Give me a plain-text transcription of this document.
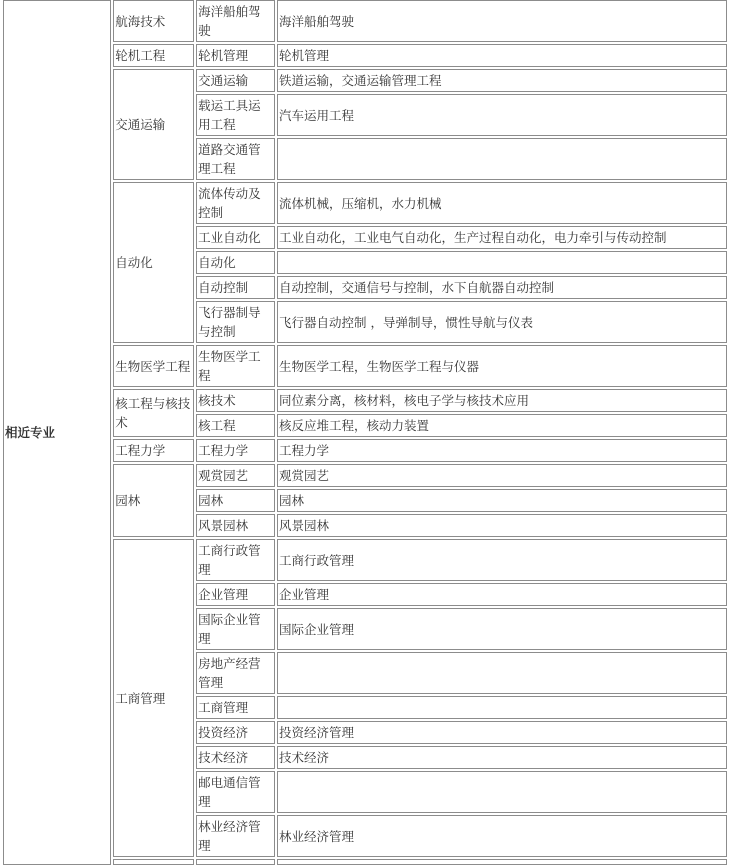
相近专业	航海技术	海洋船舶驾驶	海洋船舶驾驶
	轮机工程	轮机管理	轮机管理
	交通运输	交通运输	铁道运输，交通运输管理工程
		载运工具运用工程	汽车运用工程
		道路交通管理工程	
	自动化	流体传动及控制	流体机械，压缩机，水力机械
		工业自动化	工业自动化，工业电气自动化，生产过程自动化，电力牵引与传动控制
		自动化	
		自动控制	自动控制，交通信号与控制，水下自航器自动控制
		飞行器制导与控制	飞行器自动控制 ，导弹制导，惯性导航与仪表
	生物医学工程	生物医学工程	生物医学工程，生物医学工程与仪器
	核工程与核技术	核技术	同位素分离，核材料，核电子学与核技术应用
		核工程	核反应堆工程，核动力装置
	工程力学	工程力学	工程力学
	园林	观赏园艺	观赏园艺
		园林	园林
		风景园林	风景园林
	工商管理	工商行政管理	工商行政管理
		企业管理	企业管理
		国际企业管理	国际企业管理
		房地产经营管理	
		工商管理	
		投资经济	投资经济管理
		技术经济	技术经济
		邮电通信管理	
		林业经济管理	林业经济管理
